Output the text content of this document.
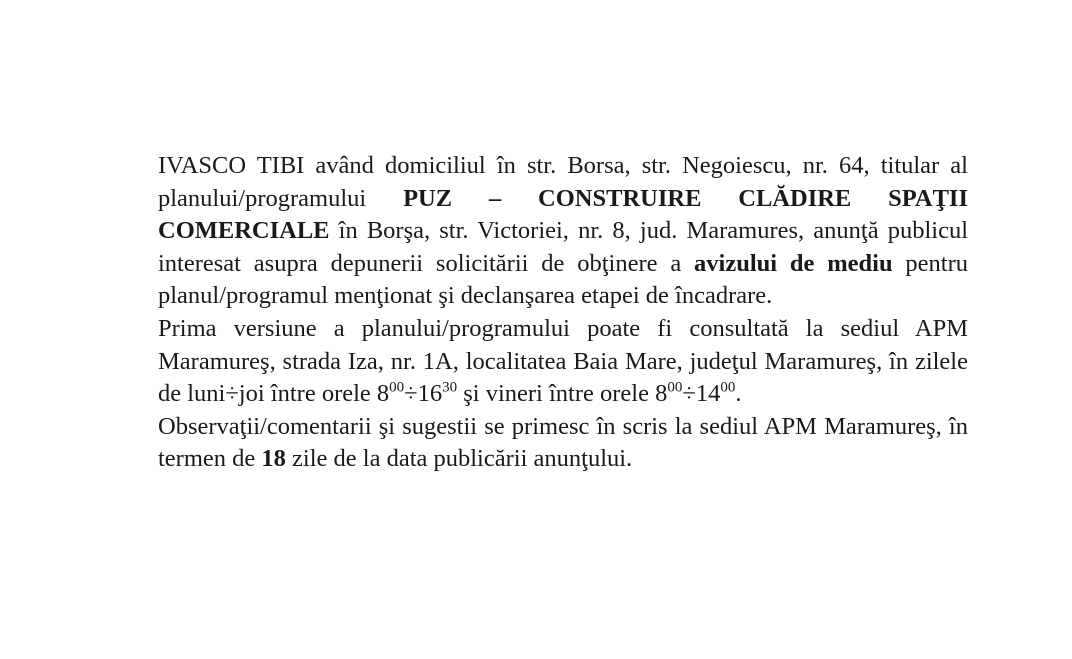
IVASCO TIBI având domiciliul în str. Borsa, str. Negoiescu, nr. 64, titular al planului/programului PUZ – CONSTRUIRE CLĂDIRE SPAŢII COMERCIALE în Borşa, str. Victoriei, nr. 8, jud. Maramures, anunţă publicul interesat asupra depunerii solicitării de obţinere a avizului de mediu pentru planul/programul menţionat şi declanşarea etapei de încadrare.

Prima versiune a planului/programului poate fi consultată la sediul APM Maramureş, strada Iza, nr. 1A, localitatea Baia Mare, judeţul Maramureş, în zilele de luni÷joi între orele $8^{00}\div 16^{30}$ şi vineri între orele $8^{00}\div 14^{00}$.

Observaţii/comentarii şi sugestii se primesc în scris la sediul APM Maramureş, în termen de 18 zile de la data publicării anunţului.
